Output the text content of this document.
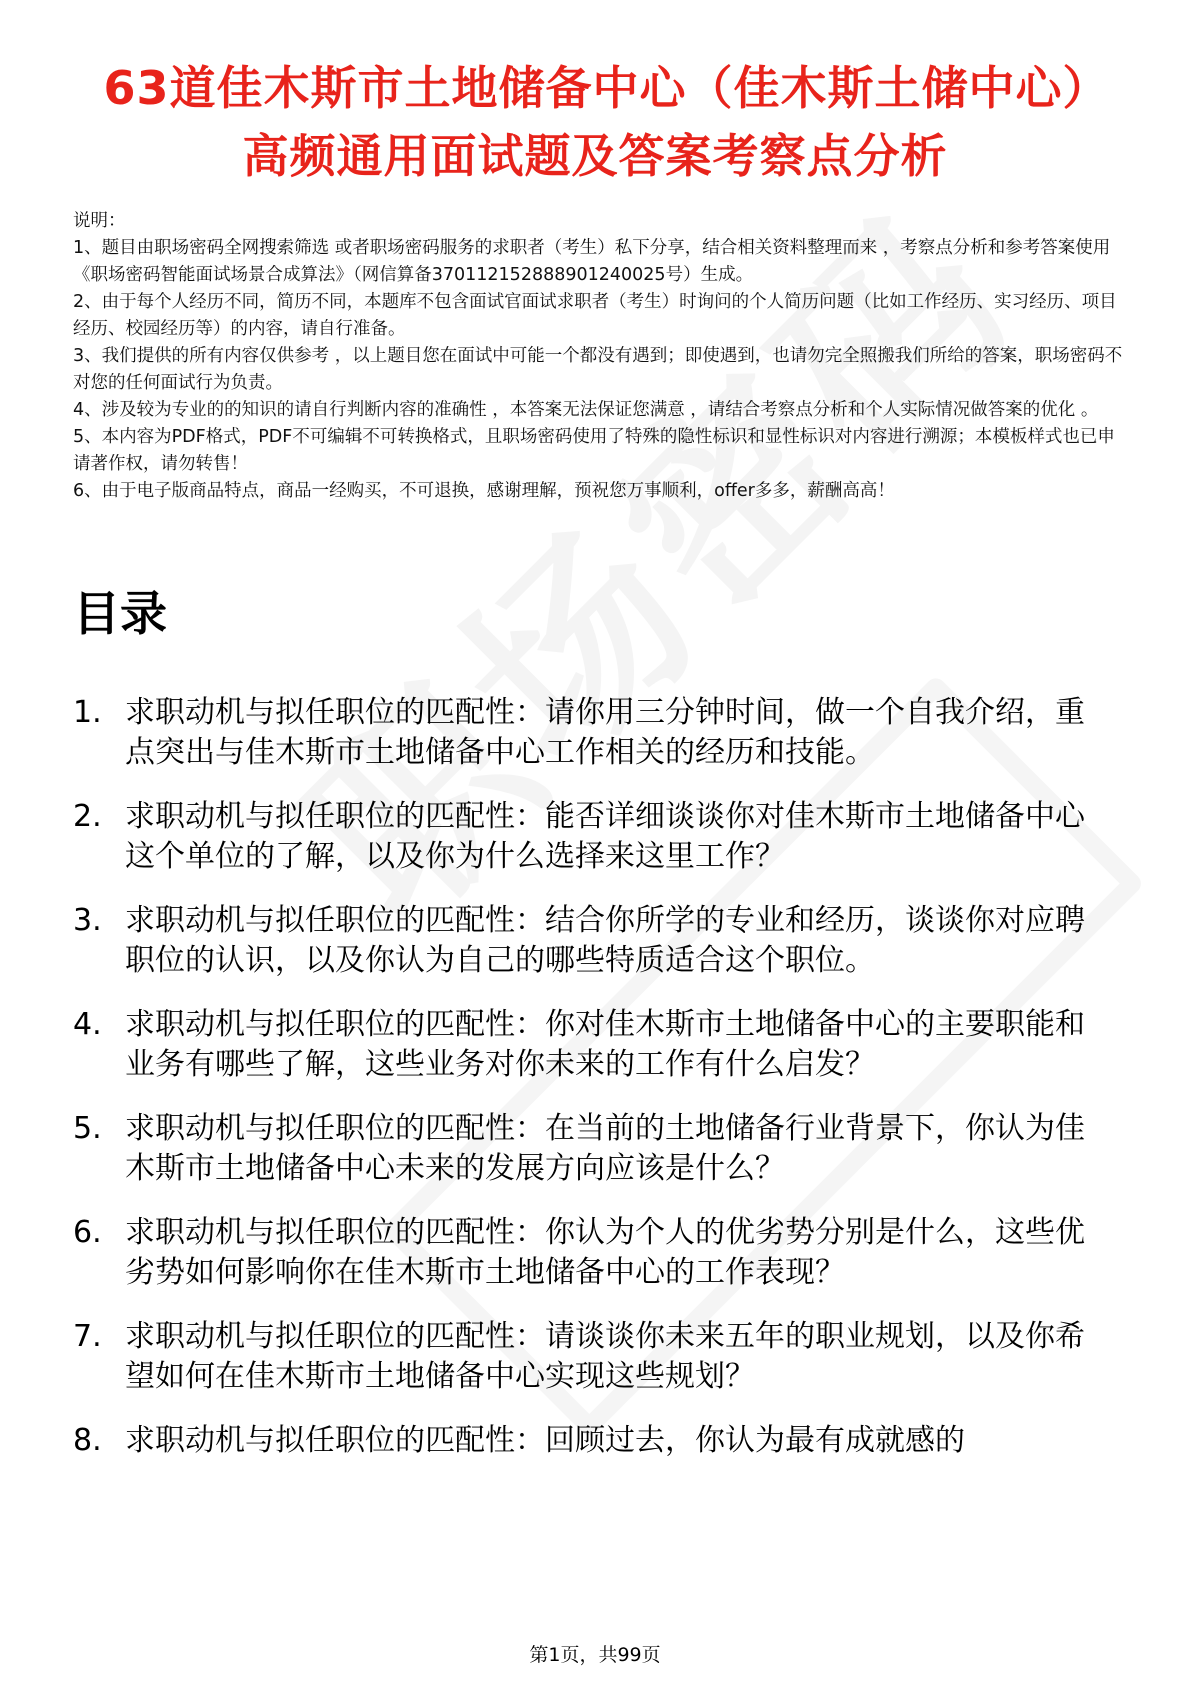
63道佳木斯市土地储备中心（佳木斯土储中心）高频通用面试题及答案考察点分析

说明：

1、题目由职场密码全网搜索筛选 或者职场密码服务的求职者（考生）私下分享，结合相关资料整理而来 ，考察点分析和参考答案使用《职场密码智能面试场景合成算法》（网信算备370112152888901240025号）生成。

2、由于每个人经历不同，简历不同，本题库不包含面试官面试求职者（考生）时询问的个人简历问题（比如工作经历、实习经历、项目经历、校园经历等）的内容，请自行准备。

3、我们提供的所有内容仅供参考 ，以上题目您在面试中可能一个都没有遇到；即使遇到，也请勿完全照搬我们所给的答案，职场密码不对您的任何面试行为负责。

4、涉及较为专业的的知识的请自行判断内容的准确性 ，本答案无法保证您满意 ，请结合考察点分析和个人实际情况做答案的优化 。

5、本内容为PDF格式，PDF不可编辑不可转换格式，且职场密码使用了特殊的隐性标识和显性标识对内容进行溯源；本模板样式也已申请著作权，请勿转售！

6、由于电子版商品特点，商品一经购买，不可退换，感谢理解，预祝您万事顺利，offer多多，薪酬高高！

目录
1. 求职动机与拟任职位的匹配性：请你用三分钟时间，做一个自我介绍，重点突出与佳木斯市土地储备中心工作相关的经历和技能。
2. 求职动机与拟任职位的匹配性：能否详细谈谈你对佳木斯市土地储备中心这个单位的了解，以及你为什么选择来这里工作？
3. 求职动机与拟任职位的匹配性：结合你所学的专业和经历，谈谈你对应聘职位的认识，以及你认为自己的哪些特质适合这个职位。
4. 求职动机与拟任职位的匹配性：你对佳木斯市土地储备中心的主要职能和业务有哪些了解，这些业务对你未来的工作有什么启发？
5. 求职动机与拟任职位的匹配性：在当前的土地储备行业背景下，你认为佳木斯市土地储备中心未来的发展方向应该是什么？
6. 求职动机与拟任职位的匹配性：你认为个人的优劣势分别是什么，这些优劣势如何影响你在佳木斯市土地储备中心的工作表现？
7. 求职动机与拟任职位的匹配性：请谈谈你未来五年的职业规划，以及你希望如何在佳木斯市土地储备中心实现这些规划？
8. 求职动机与拟任职位的匹配性：回顾过去，你认为最有成就感的
第1页，共99页
